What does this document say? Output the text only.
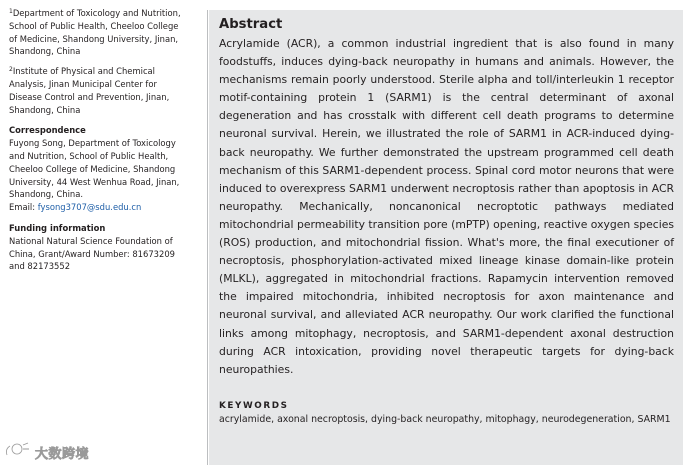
$^1$Department of Toxicology and Nutrition, School of Public Health, Cheeloo College of Medicine, Shandong University, Jinan, Shandong, China

$^2$Institute of Physical and Chemical Analysis, Jinan Municipal Center for Disease Control and Prevention, Jinan, Shandong, China

Correspondence

Fuyong Song, Department of Toxicology and Nutrition, School of Public Health, Cheeloo College of Medicine, Shandong University, 44 West Wenhua Road, Jinan, Shandong, China.
Email: fysong3707@sdu.edu.cn

Funding information

National Natural Science Foundation of China, Grant/Award Number: 81673209 and 82173552

Abstract

Acrylamide (ACR), a common industrial ingredient that is also found in many foodstuffs, induces dying-back neuropathy in humans and animals. However, the mechanisms remain poorly understood. Sterile alpha and toll/interleukin 1 receptor motif-containing protein 1 (SARM1) is the central determinant of axonal degeneration and has crosstalk with different cell death programs to determine neuronal survival. Herein, we illustrated the role of SARM1 in ACR-induced dying-back neuropathy. We further demonstrated the upstream programmed cell death mechanism of this SARM1-dependent process. Spinal cord motor neurons that were induced to overexpress SARM1 underwent necroptosis rather than apoptosis in ACR neuropathy. Mechanically, noncanonical necroptotic pathways mediated mitochondrial permeability transition pore (mPTP) opening, reactive oxygen species (ROS) production, and mitochondrial fission. What's more, the final executioner of necroptosis, phosphorylation-activated mixed lineage kinase domain-like protein (MLKL), aggregated in mitochondrial fractions. Rapamycin intervention removed the impaired mitochondria, inhibited necroptosis for axon maintenance and neuronal survival, and alleviated ACR neuropathy. Our work clarified the functional links among mitophagy, necroptosis, and SARM1-dependent axonal destruction during ACR intoxication, providing novel therapeutic targets for dying-back neuropathies.

KEYWORDS

acrylamide, axonal necroptosis, dying-back neuropathy, mitophagy, neurodegeneration, SARM1

大数跨境
